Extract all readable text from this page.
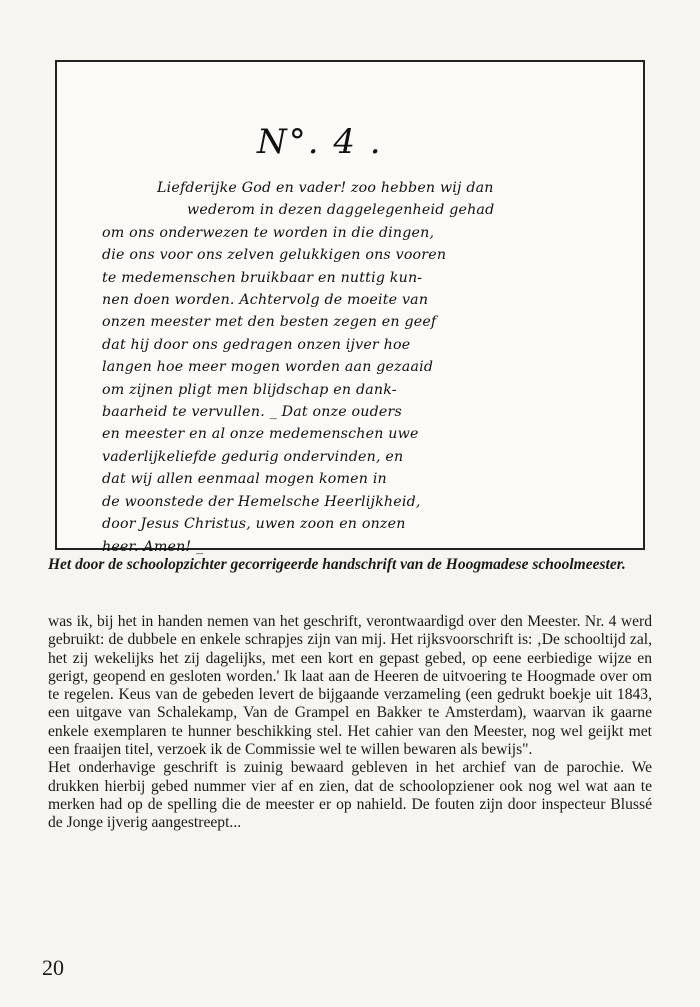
N°. 4 .
Liefderijke God en vader! zoo hebben wij dan
wederom in dezen daggelegenheid gehad
om ons onderwezen te worden in die dingen,
die ons voor ons zelven gelukkigen ons vooren
te medemenschen bruikbaar en nuttig kun-
nen doen worden. Achtervolg de moeite van
onzen meester met den besten zegen en geef
dat hij door ons gedragen onzen ijver hoe
langen hoe meer mogen worden aan gezaaid
om zijnen pligt men blijdschap en dank-
baarheid te vervullen. _ Dat onze ouders
en meester en al onze medemenschen uwe
vaderlijkeliefde gedurig ondervinden, en
dat wij allen eenmaal mogen komen in
de woonstede der Hemelsche Heerlijkheid,
door Jesus Christus, uwen zoon en onzen
heer. Amen! _
Het door de schoolopzichter gecorrigeerde handschrift van de Hoogmadese schoolmeester.

was ik, bij het in handen nemen van het geschrift, verontwaardigd over den Meester. Nr. 4 werd gebruikt: de dubbele en enkele schrapjes zijn van mij. Het rijksvoorschrift is: ‚De schooltijd zal, het zij wekelijks het zij dagelijks, met een kort en gepast gebed, op eene eerbiedige wijze en gerigt, geopend en gesloten worden.' Ik laat aan de Heeren de uitvoering te Hoogmade over om te regelen. Keus van de gebeden levert de bijgaande verzameling (een gedrukt boekje uit 1843, een uitgave van Schalekamp, Van de Grampel en Bakker te Amsterdam), waarvan ik gaarne enkele exemplaren te hunner beschikking stel. Het cahier van den Meester, nog wel geijkt met een fraaijen titel, verzoek ik de Commissie wel te willen bewaren als bewijs".

Het onderhavige geschrift is zuinig bewaard gebleven in het archief van de parochie. We drukken hierbij gebed nummer vier af en zien, dat de schoolopziener ook nog wel wat aan te merken had op de spelling die de meester er op nahield. De fouten zijn door inspecteur Blussé de Jonge ijverig aangestreept...

20
